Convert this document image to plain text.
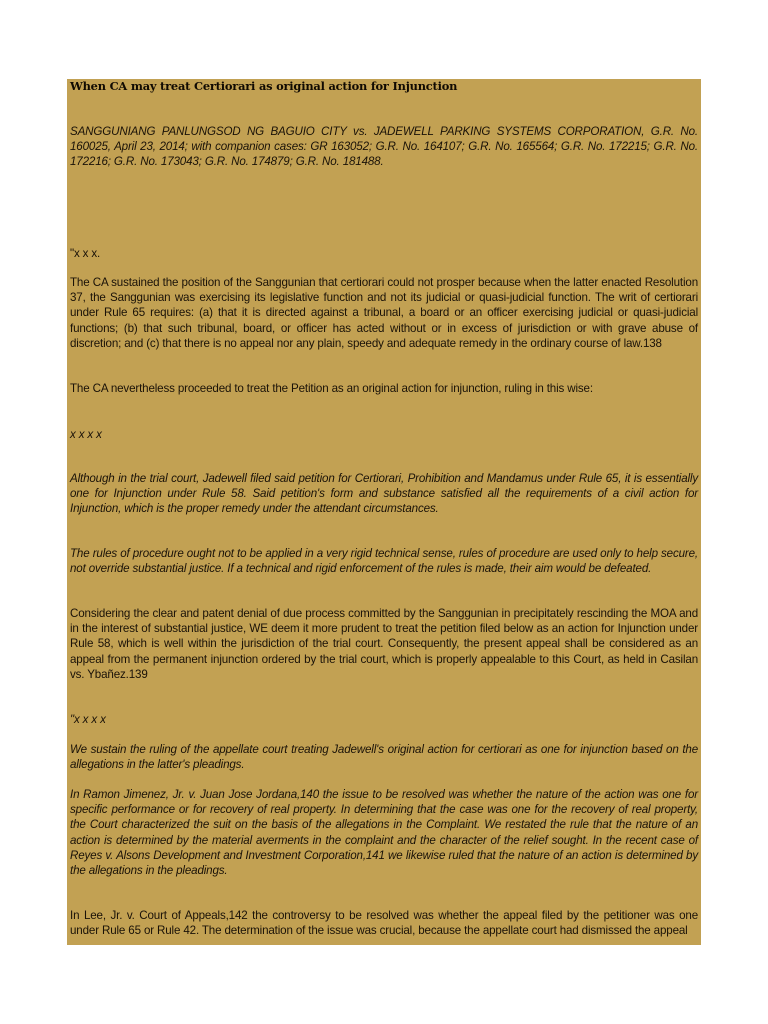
When CA may treat Certiorari as original action for Injunction

SANGGUNIANG PANLUNGSOD NG BAGUIO CITY vs. JADEWELL PARKING SYSTEMS CORPORATION, G.R. No. 160025, April 23, 2014; with companion cases: GR 163052; G.R. No. 164107; G.R. No. 165564; G.R. No. 172215; G.R. No. 172216; G.R. No. 173043; G.R. No. 174879; G.R. No. 181488.

"x x x.

The CA sustained the position of the Sanggunian that certiorari could not prosper because when the latter enacted Resolution 37, the Sanggunian was exercising its legislative function and not its judicial or quasi-judicial function. The writ of certiorari under Rule 65 requires: (a) that it is directed against a tribunal, a board or an officer exercising judicial or quasi-judicial functions; (b) that such tribunal, board, or officer has acted without or in excess of jurisdiction or with grave abuse of discretion; and (c) that there is no appeal nor any plain, speedy and adequate remedy in the ordinary course of law.138

The CA nevertheless proceeded to treat the Petition as an original action for injunction, ruling in this wise:

x x x x

Although in the trial court, Jadewell filed said petition for Certiorari, Prohibition and Mandamus under Rule 65, it is essentially one for Injunction under Rule 58. Said petition's form and substance satisfied all the requirements of a civil action for Injunction, which is the proper remedy under the attendant circumstances.

The rules of procedure ought not to be applied in a very rigid technical sense, rules of procedure are used only to help secure, not override substantial justice. If a technical and rigid enforcement of the rules is made, their aim would be defeated.

Considering the clear and patent denial of due process committed by the Sanggunian in precipitately rescinding the MOA and in the interest of substantial justice, WE deem it more prudent to treat the petition filed below as an action for Injunction under Rule 58, which is well within the jurisdiction of the trial court. Consequently, the present appeal shall be considered as an appeal from the permanent injunction ordered by the trial court, which is properly appealable to this Court, as held in Casilan vs. Ybañez.139

"x x x x

We sustain the ruling of the appellate court treating Jadewell's original action for certiorari as one for injunction based on the allegations in the latter's pleadings.

In Ramon Jimenez, Jr. v. Juan Jose Jordana,140 the issue to be resolved was whether the nature of the action was one for specific performance or for recovery of real property. In determining that the case was one for the recovery of real property, the Court characterized the suit on the basis of the allegations in the Complaint. We restated the rule that the nature of an action is determined by the material averments in the complaint and the character of the relief sought. In the recent case of Reyes v. Alsons Development and Investment Corporation,141 we likewise ruled that the nature of an action is determined by the allegations in the pleadings.

In Lee, Jr. v. Court of Appeals,142 the controversy to be resolved was whether the appeal filed by the petitioner was one under Rule 65 or Rule 42. The determination of the issue was crucial, because the appellate court had dismissed the appeal
